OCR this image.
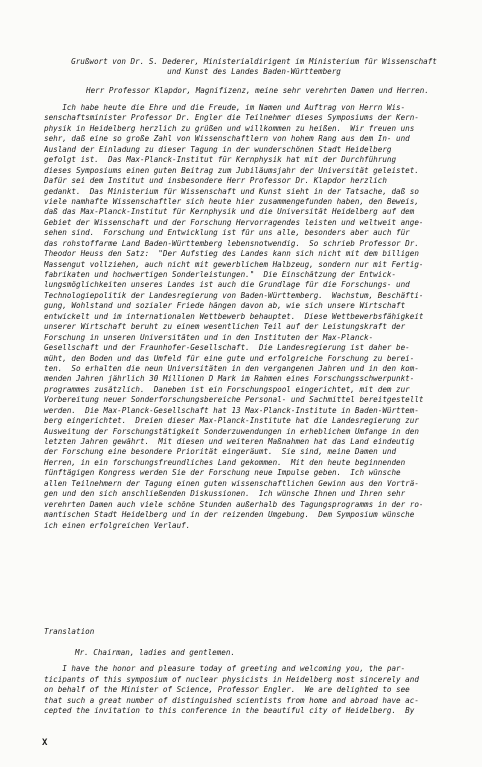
Grußwort von Dr. S. Dederer, Ministerialdirigent im Ministerium für Wissenschaft
und Kunst des Landes Baden-Württemberg
Herr Professor Klapdor, Magnifizenz, meine sehr verehrten Damen und Herren.
Ich habe heute die Ehre und die Freude, im Namen und Auftrag von Herrn Wis-
senschaftsminister Professor Dr. Engler die Teilnehmer dieses Symposiums der Kern-
physik in Heidelberg herzlich zu grüßen und willkommen zu heißen.  Wir freuen uns
sehr, daß eine so große Zahl von Wissenschaftlern von hohem Rang aus dem In- und
Ausland der Einladung zu dieser Tagung in der wunderschönen Stadt Heidelberg
gefolgt ist.  Das Max-Planck-Institut für Kernphysik hat mit der Durchführung
dieses Symposiums einen guten Beitrag zum Jubiläumsjahr der Universität geleistet.
Dafür sei dem Institut und insbesondere Herr Professor Dr. Klapdor herzlich
gedankt.  Das Ministerium für Wissenschaft und Kunst sieht in der Tatsache, daß so
viele namhafte Wissenschaftler sich heute hier zusammengefunden haben, den Beweis,
daß das Max-Planck-Institut für Kernphysik und die Universität Heidelberg auf dem
Gebiet der Wissenschaft und der Forschung Hervorragendes leisten und weltweit ange-
sehen sind.  Forschung und Entwicklung ist für uns alle, besonders aber auch für
das rohstoffarme Land Baden-Württemberg lebensnotwendig.  So schrieb Professor Dr.
Theodor Heuss den Satz:  "Der Aufstieg des Landes kann sich nicht mit dem billigen
Massengut vollziehen, auch nicht mit gewerblichem Halbzeug, sondern nur mit Fertig-
fabrikaten und hochwertigen Sonderleistungen."  Die Einschätzung der Entwick-
lungsmöglichkeiten unseres Landes ist auch die Grundlage für die Forschungs- und
Technologiepolitik der Landesregierung von Baden-Württemberg.  Wachstum, Beschäfti-
gung, Wohlstand und sozialer Friede hängen davon ab, wie sich unsere Wirtschaft
entwickelt und im internationalen Wettbewerb behauptet.  Diese Wettbewerbsfähigkeit
unserer Wirtschaft beruht zu einem wesentlichen Teil auf der Leistungskraft der
Forschung in unseren Universitäten und in den Instituten der Max-Planck-
Gesellschaft und der Fraunhofer-Gesellschaft.  Die Landesregierung ist daher be-
müht, den Boden und das Umfeld für eine gute und erfolgreiche Forschung zu berei-
ten.  So erhalten die neun Universitäten in den vergangenen Jahren und in den kom-
menden Jahren jährlich 30 Millionen D Mark im Rahmen eines Forschungsschwerpunkt-
programmes zusätzlich.  Daneben ist ein Forschungspool eingerichtet, mit dem zur
Vorbereitung neuer Sonderforschungsbereiche Personal- und Sachmittel bereitgestellt
werden.  Die Max-Planck-Gesellschaft hat 13 Max-Planck-Institute in Baden-Württem-
berg eingerichtet.  Dreien dieser Max-Planck-Institute hat die Landesregierung zur
Ausweitung der Forschungstätigkeit Sonderzuwendungen in erheblichem Umfange in den
letzten Jahren gewährt.  Mit diesen und weiteren Maßnahmen hat das Land eindeutig
der Forschung eine besondere Priorität eingeräumt.  Sie sind, meine Damen und
Herren, in ein forschungsfreundliches Land gekommen.  Mit den heute beginnenden
fünftägigen Kongress werden Sie der Forschung neue Impulse geben.  Ich wünsche
allen Teilnehmern der Tagung einen guten wissenschaftlichen Gewinn aus den Vorträ-
gen und den sich anschließenden Diskussionen.  Ich wünsche Ihnen und Ihren sehr
verehrten Damen auch viele schöne Stunden außerhalb des Tagungsprogramms in der ro-
mantischen Stadt Heidelberg und in der reizenden Umgebung.  Dem Symposium wünsche
ich einen erfolgreichen Verlauf.
Translation
Mr. Chairman, ladies and gentlemen.
I have the honor and pleasure today of greeting and welcoming you, the par-
ticipants of this symposium of nuclear physicists in Heidelberg most sincerely and
on behalf of the Minister of Science, Professor Engler.  We are delighted to see
that such a great number of distinguished scientists from home and abroad have ac-
cepted the invitation to this conference in the beautiful city of Heidelberg.  By
X
